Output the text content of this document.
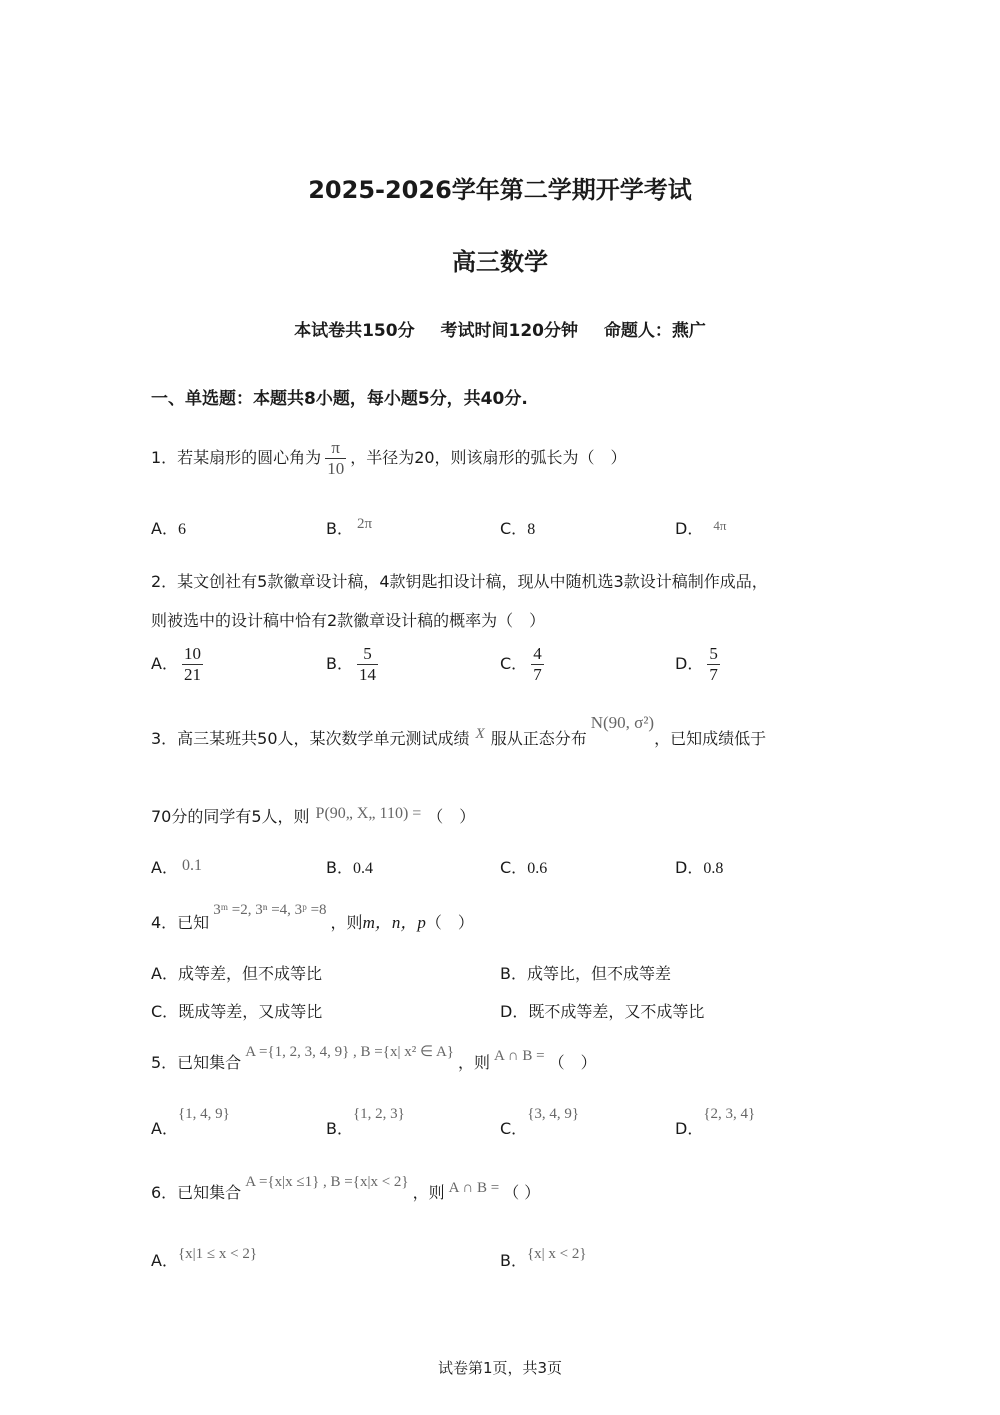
2025-2026学年第二学期开学考试
高三数学
本试卷共150分 考试时间120分钟 命题人：燕广
一、单选题：本题共8小题，每小题5分，共40分.
1．若某扇形的圆心角为 $\frac{\pi}{10}$ ，半径为20，则该扇形的弧长为（　）
A．6	B． 2π	C．8	D． $^{4\pi}$
2．某文创社有5款徽章设计稿，4款钥匙扣设计稿，现从中随机选3款设计稿制作成品，
则被选中的设计稿中恰有2款徽章设计稿的概率为（　）
A． $\frac{10}{21}$	B． $\frac{5}{14}$	C． $\frac{4}{7}$	D． $\frac{5}{7}$
3．高三某班共50人，某次数学单元测试成绩 X 服从正态分布N(90, σ²)，已知成绩低于
70分的同学有5人，则 P(90„ X„ 110) = （　）
A． 0.1	B．0.4	C．0.6	D．0.8
4．已知3ᵐ =2, 3ⁿ =4, 3ᵖ =8，则m，n，p（　）
A．成等差，但不成等比	B．成等比，但不成等差
C．既成等差，又成等比	D．既不成等差，又不成等比
5．已知集合A ={1, 2, 3, 4, 9} , B ={x| x² ∈ A}，则 A ∩ B = （　）
A．{1, 4, 9}
B．{1, 2, 3}
C．{3, 4, 9}
D．{2, 3, 4}
6．已知集合A ={x|x ≤1} , B ={x|x < 2}，则 A ∩ B = （ ）
A．{x|1 ≤ x < 2}	B．{x| x < 2}
试卷第1页，共3页
